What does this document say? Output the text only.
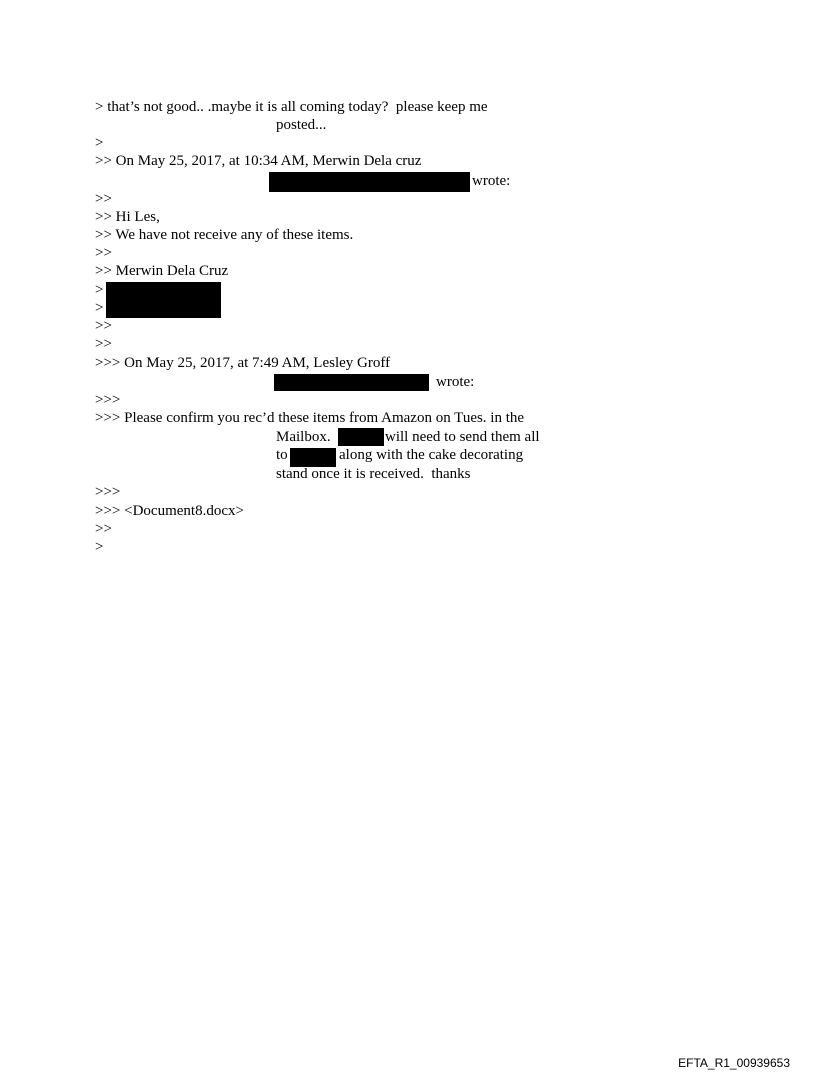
> that’s not good.. .maybe it is all coming today?  please keep me
posted...
>
>> On May 25, 2017, at 10:34 AM, Merwin Dela cruz
wrote:
>>
>> Hi Les,
>> We have not receive any of these items.
>>
>> Merwin Dela Cruz
>
>
>>
>>
>>> On May 25, 2017, at 7:49 AM, Lesley Groff
wrote:
>>>
>>> Please confirm you rec’d these items from Amazon on Tues. in the
Mailbox.	will need to send them all
to	along with the cake decorating
stand once it is received.  thanks
>>>
>>> <Document8.docx>
>>
>
EFTA_R1_00939653
